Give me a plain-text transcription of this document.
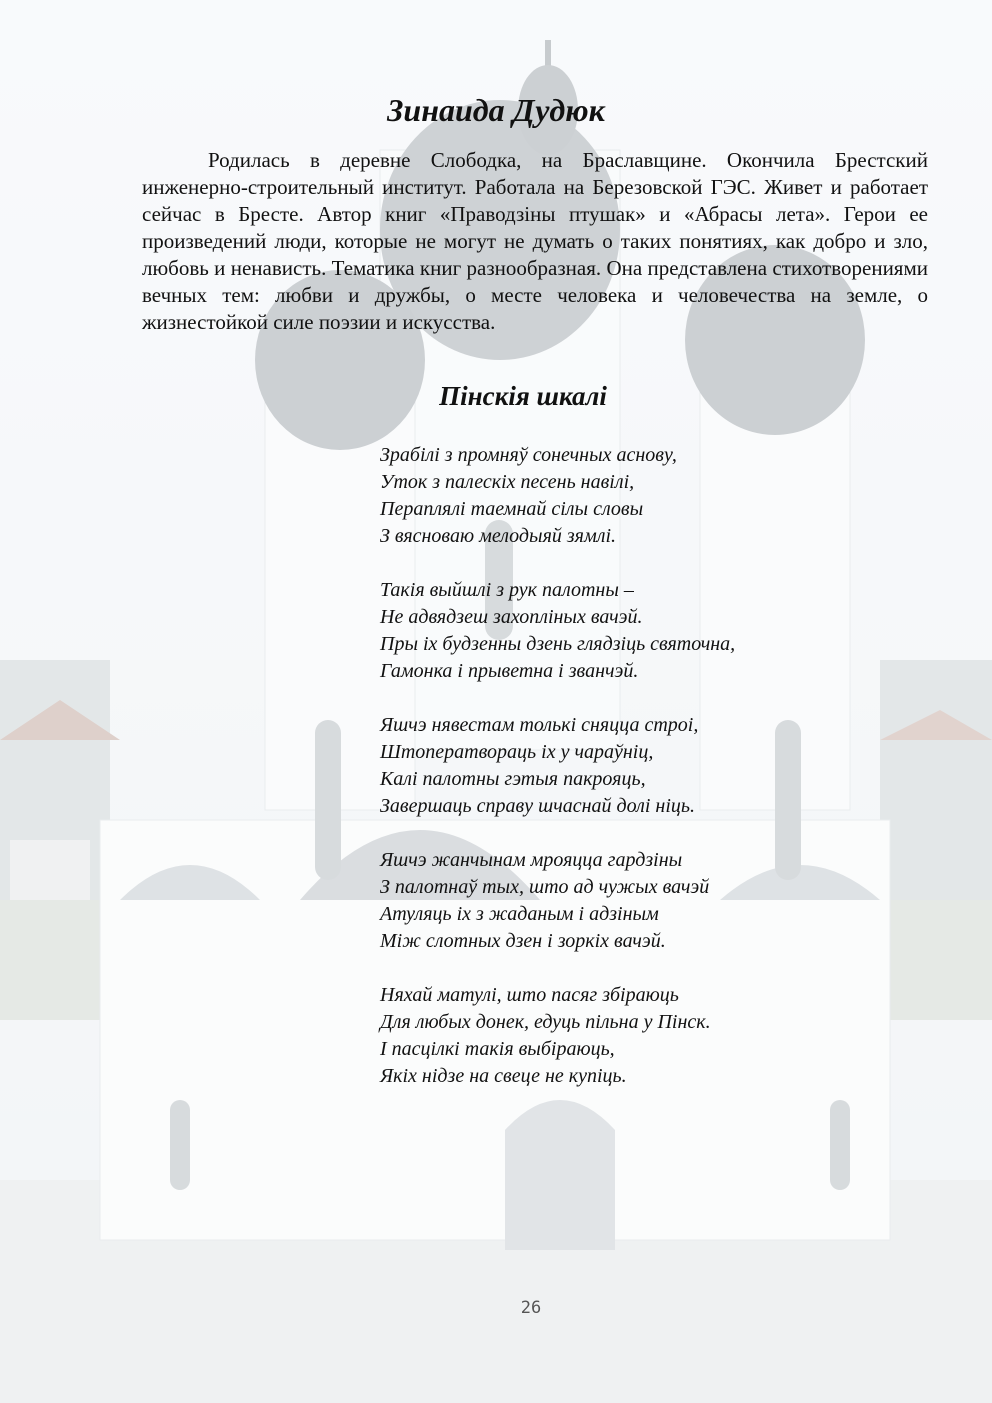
Зинаида Дудюк

Родилась в деревне Слободка, на Браславщине. Окончила Брестский инженерно-строительный институт. Работала на Березовской ГЭС. Живет и работает сейчас в Бресте. Автор книг «Праводзіны птушак» и «Абрасы лета». Герои ее произведений люди, которые не могут не думать о таких понятиях, как добро и зло, любовь и ненависть. Тематика книг разнообразная. Она представлена стихотворениями вечных тем: любви и дружбы, о месте человека и человечества на земле, о жизнестойкой силе поэзии и искусства.

Пінскія шкалі
Зрабілі з промняў сонечных аснову,
Уток з палескіх песень навілі,
Пераплялі таемнай сілы словы
З вясноваю мелодыяй зямлі.
Такія выйшлі з рук палотны –
Не адвядзеш захопліных вачэй.
Пры іх будзенны дзень глядзіць святочна,
Гамонка і прыветна і званчэй.
Яшчэ нявестам толькі сняцца строі,
Штоператвораць іх у чараўніц,
Калі палотны гэтыя пакрояць,
Завершаць справу шчаснай долі ніць.
Яшчэ жанчынам мрояцца гардзіны
З палотнаў тых, што ад чужых вачэй
Атуляць іх з жаданым і адзіным
Між слотных дзен і зоркіх вачэй.
Няхай матулі, што пасяг збіраюць
Для любых донек, едуць пільна у Пінск.
І пасцілкі такія выбіраюць,
Якіх нідзе на свеце не купіць.
26
